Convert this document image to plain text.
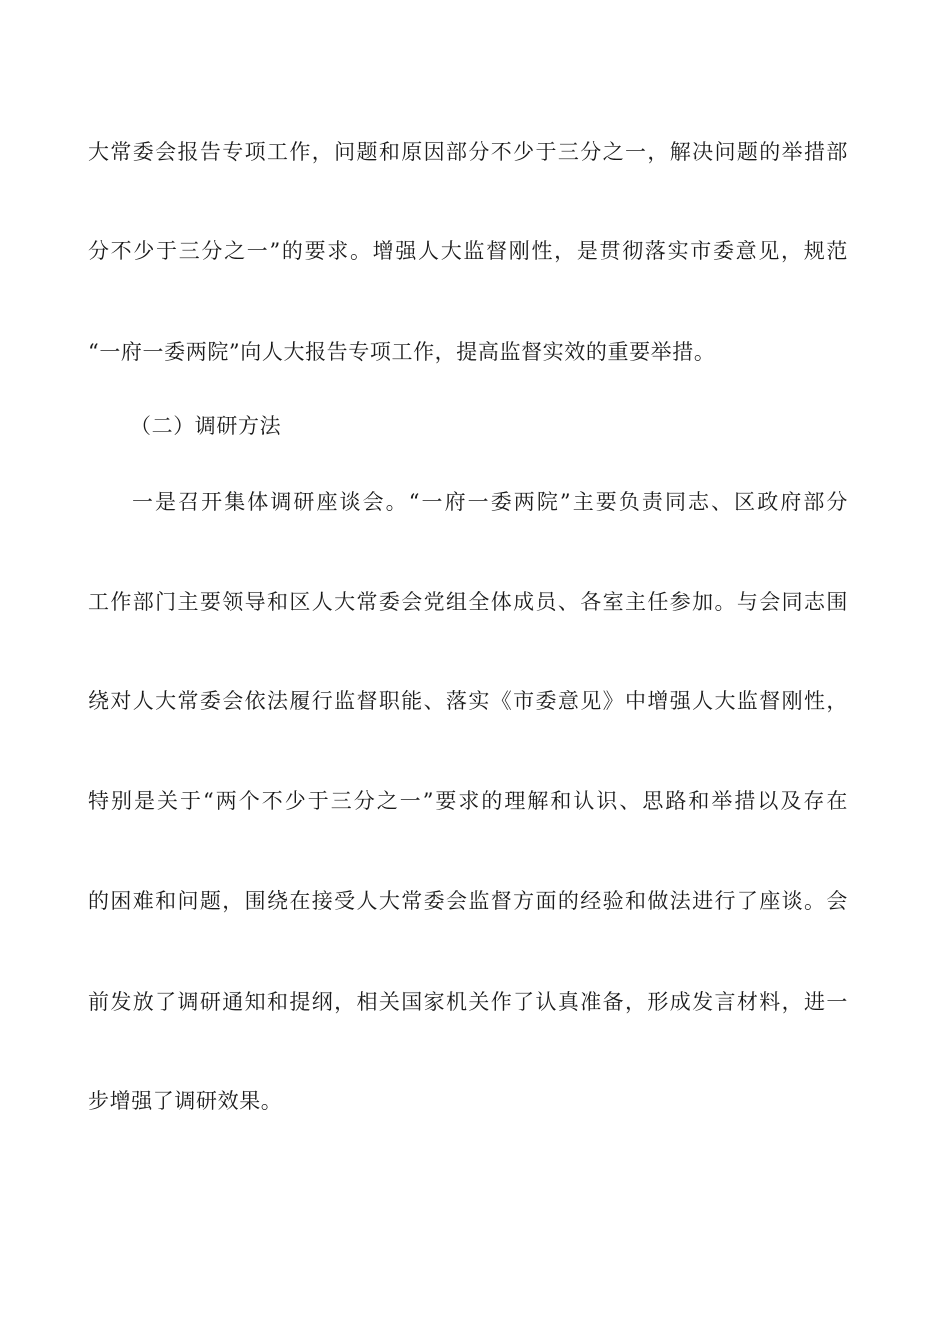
大常委会报告专项工作，问题和原因部分不少于三分之一，解决问题的举措部
分不少于三分之一”的要求。增强人大监督刚性，是贯彻落实市委意见，规范
“一府一委两院”向人大报告专项工作，提高监督实效的重要举措。
（二）调研方法
一是召开集体调研座谈会。“一府一委两院”主要负责同志、区政府部分
工作部门主要领导和区人大常委会党组全体成员、各室主任参加。与会同志围
绕对人大常委会依法履行监督职能、落实《市委意见》中增强人大监督刚性，
特别是关于“两个不少于三分之一”要求的理解和认识、思路和举措以及存在
的困难和问题，围绕在接受人大常委会监督方面的经验和做法进行了座谈。会
前发放了调研通知和提纲，相关国家机关作了认真准备，形成发言材料，进一
步增强了调研效果。
